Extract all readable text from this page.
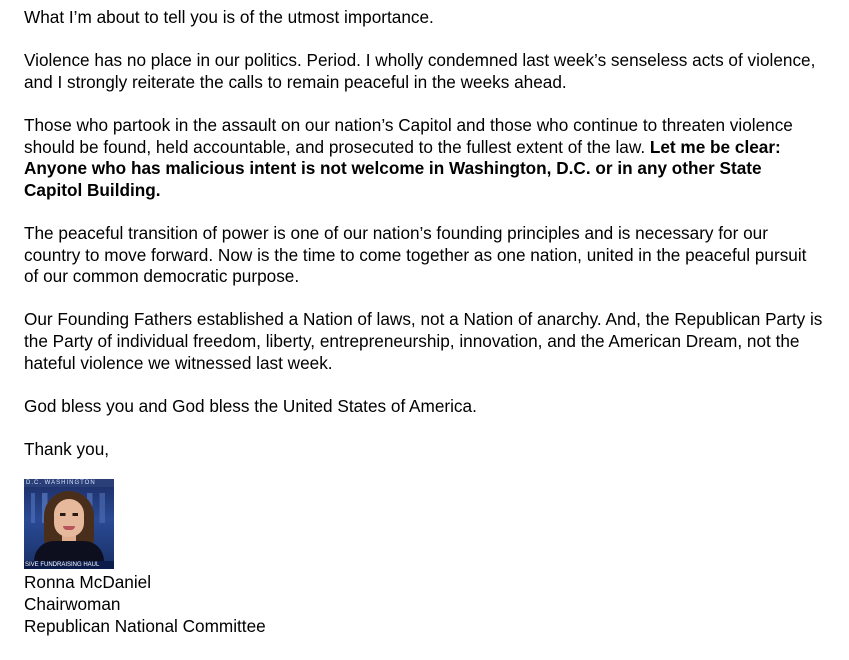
What I’m about to tell you is of the utmost importance.

Violence has no place in our politics. Period. I wholly condemned last week’s senseless acts of violence, and I strongly reiterate the calls to remain peaceful in the weeks ahead.

Those who partook in the assault on our nation’s Capitol and those who continue to threaten violence should be found, held accountable, and prosecuted to the fullest extent of the law. Let me be clear: Anyone who has malicious intent is not welcome in Washington, D.C. or in any other State Capitol Building.

The peaceful transition of power is one of our nation’s founding principles and is necessary for our country to move forward. Now is the time to come together as one nation, united in the peaceful pursuit of our common democratic purpose.

Our Founding Fathers established a Nation of laws, not a Nation of anarchy. And, the Republican Party is the Party of individual freedom, liberty, entrepreneurship, innovation, and the American Dream, not the hateful violence we witnessed last week.

God bless you and God bless the United States of America.

Thank you,

D.C. WASHINGTON
SIVE FUNDRAISING HAUL
Ronna McDaniel
Chairwoman
Republican National Committee
